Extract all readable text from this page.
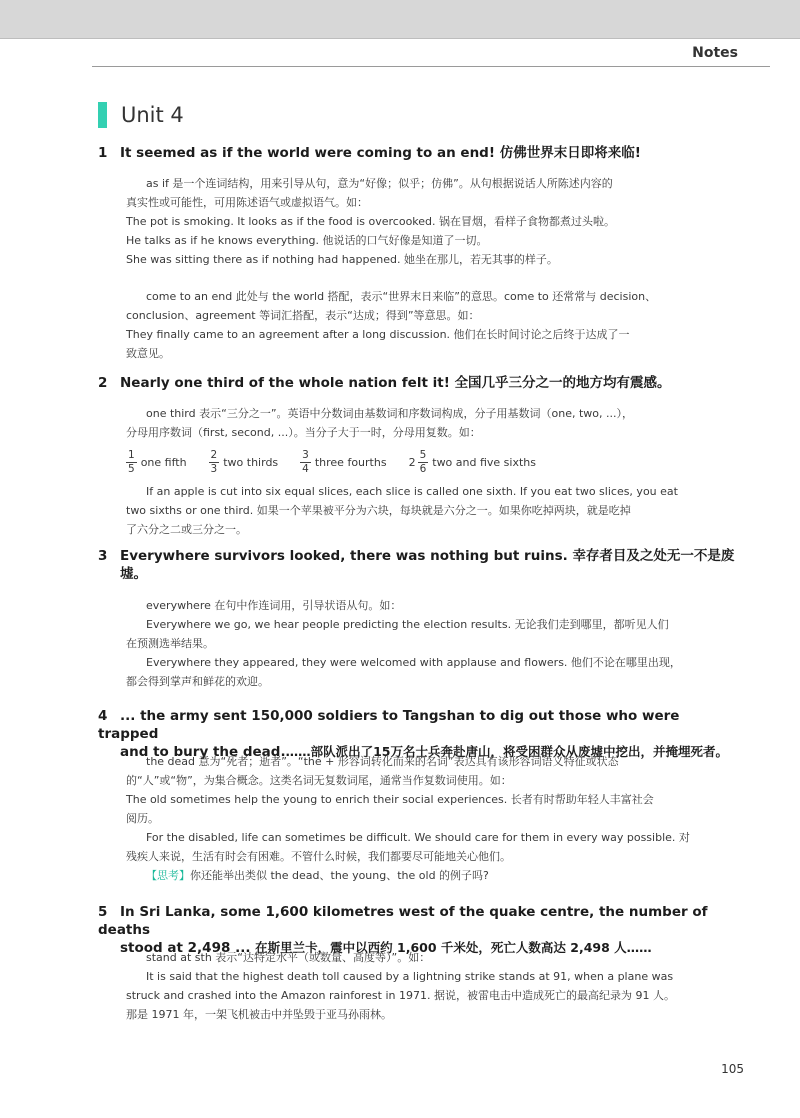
Notes
Unit 4
1 It seemed as if the world were coming to an end! 仿佛世界末日即将来临!

as if 是一个连词结构，用来引导从句，意为“好像；似乎；仿佛”。从句根据说话人所陈述内容的

真实性或可能性，可用陈述语气或虚拟语气。如：

The pot is smoking. It looks as if the food is overcooked. 锅在冒烟，看样子食物都煮过头啦。

He talks as if he knows everything. 他说话的口气好像是知道了一切。

She was sitting there as if nothing had happened. 她坐在那儿，若无其事的样子。

come to an end 此处与 the world 搭配，表示“世界末日来临”的意思。come to 还常常与 decision、

conclusion、agreement 等词汇搭配，表示“达成；得到”等意思。如：

They finally came to an agreement after a long discussion. 他们在长时间讨论之后终于达成了一

致意见。

2 Nearly one third of the whole nation felt it! 全国几乎三分之一的地方均有震感。

one third 表示“三分之一”。英语中分数词由基数词和序数词构成，分子用基数词（one, two, ...），

分母用序数词（first, second, ...）。当分子大于一时，分母用复数。如：

$\frac{1}{5}$ one fifth $\frac{2}{3}$ two thirds $\frac{3}{4}$ three fourths $2 \frac{5}{6}$ two and five sixths

If an apple is cut into six equal slices, each slice is called one sixth. If you eat two slices, you eat

two sixths or one third. 如果一个苹果被平分为六块，每块就是六分之一。如果你吃掉两块，就是吃掉

了六分之二或三分之一。

3 Everywhere survivors looked, there was nothing but ruins. 幸存者目及之处无一不是废
墟。

everywhere 在句中作连词用，引导状语从句。如：

Everywhere we go, we hear people predicting the election results. 无论我们走到哪里，都听见人们

在预测选举结果。

Everywhere they appeared, they were welcomed with applause and flowers. 他们不论在哪里出现，

都会得到掌声和鲜花的欢迎。

4 ... the army sent 150,000 soldiers to Tangshan to dig out those who were trapped
and to bury the dead.……部队派出了15万名士兵奔赴唐山，将受困群众从废墟中挖出，并掩埋死者。

the dead 意为“死者；逝者”。“the + 形容词转化而来的名词”表达具有该形容词语义特征或状态

的“人”或“物”，为集合概念。这类名词无复数词尾，通常当作复数词使用。如：

The old sometimes help the young to enrich their social experiences. 长者有时帮助年轻人丰富社会

阅历。

For the disabled, life can sometimes be difficult. We should care for them in every way possible. 对

残疾人来说，生活有时会有困难。不管什么时候，我们都要尽可能地关心他们。

【思考】你还能举出类似 the dead、the young、the old 的例子吗?

5 In Sri Lanka, some 1,600 kilometres west of the quake centre, the number of deaths
stood at 2,498 ... 在斯里兰卡，震中以西约 1,600 千米处，死亡人数高达 2,498 人……

stand at sth 表示“达特定水平（或数量、高度等）”。如：

It is said that the highest death toll caused by a lightning strike stands at 91, when a plane was

struck and crashed into the Amazon rainforest in 1971. 据说，被雷电击中造成死亡的最高纪录为 91 人。

那是 1971 年，一架飞机被击中并坠毁于亚马孙雨林。

105
